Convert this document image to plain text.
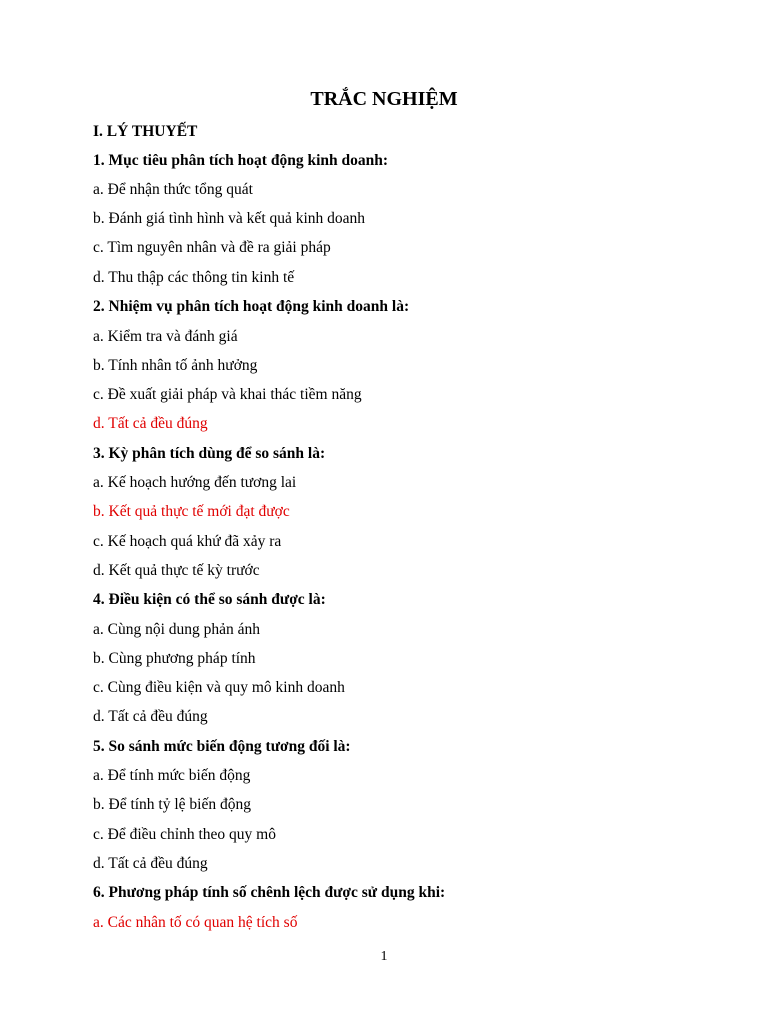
TRẮC NGHIỆM
I. LÝ THUYẾT
1. Mục tiêu phân tích hoạt động kinh doanh:
a. Để nhận thức tổng quát
b. Đánh giá tình hình và kết quả kinh doanh
c. Tìm nguyên nhân và đề ra giải pháp
d. Thu thập các thông tin kinh tế
2. Nhiệm vụ phân tích hoạt động kinh doanh là:
a. Kiểm tra và đánh giá
b. Tính nhân tố ảnh hưởng
c. Đề xuất giải pháp và khai thác tiềm năng
d. Tất cả đều đúng
3. Kỳ phân tích dùng để so sánh là:
a. Kế hoạch hướng đến tương lai
b. Kết quả thực tế mới đạt được
c. Kế hoạch quá khứ đã xảy ra
d. Kết quả thực tế kỳ trước
4. Điều kiện có thể so sánh được là:
a. Cùng nội dung phản ánh
b. Cùng phương pháp tính
c. Cùng điều kiện và quy mô kinh doanh
d. Tất cả đều đúng
5. So sánh mức biến động tương đối là:
a. Để tính mức biến động
b. Để tính tỷ lệ biến động
c. Để điều chỉnh theo quy mô
d. Tất cả đều đúng
6. Phương pháp tính số chênh lệch được sử dụng khi:
a. Các nhân tố có quan hệ tích số
1
